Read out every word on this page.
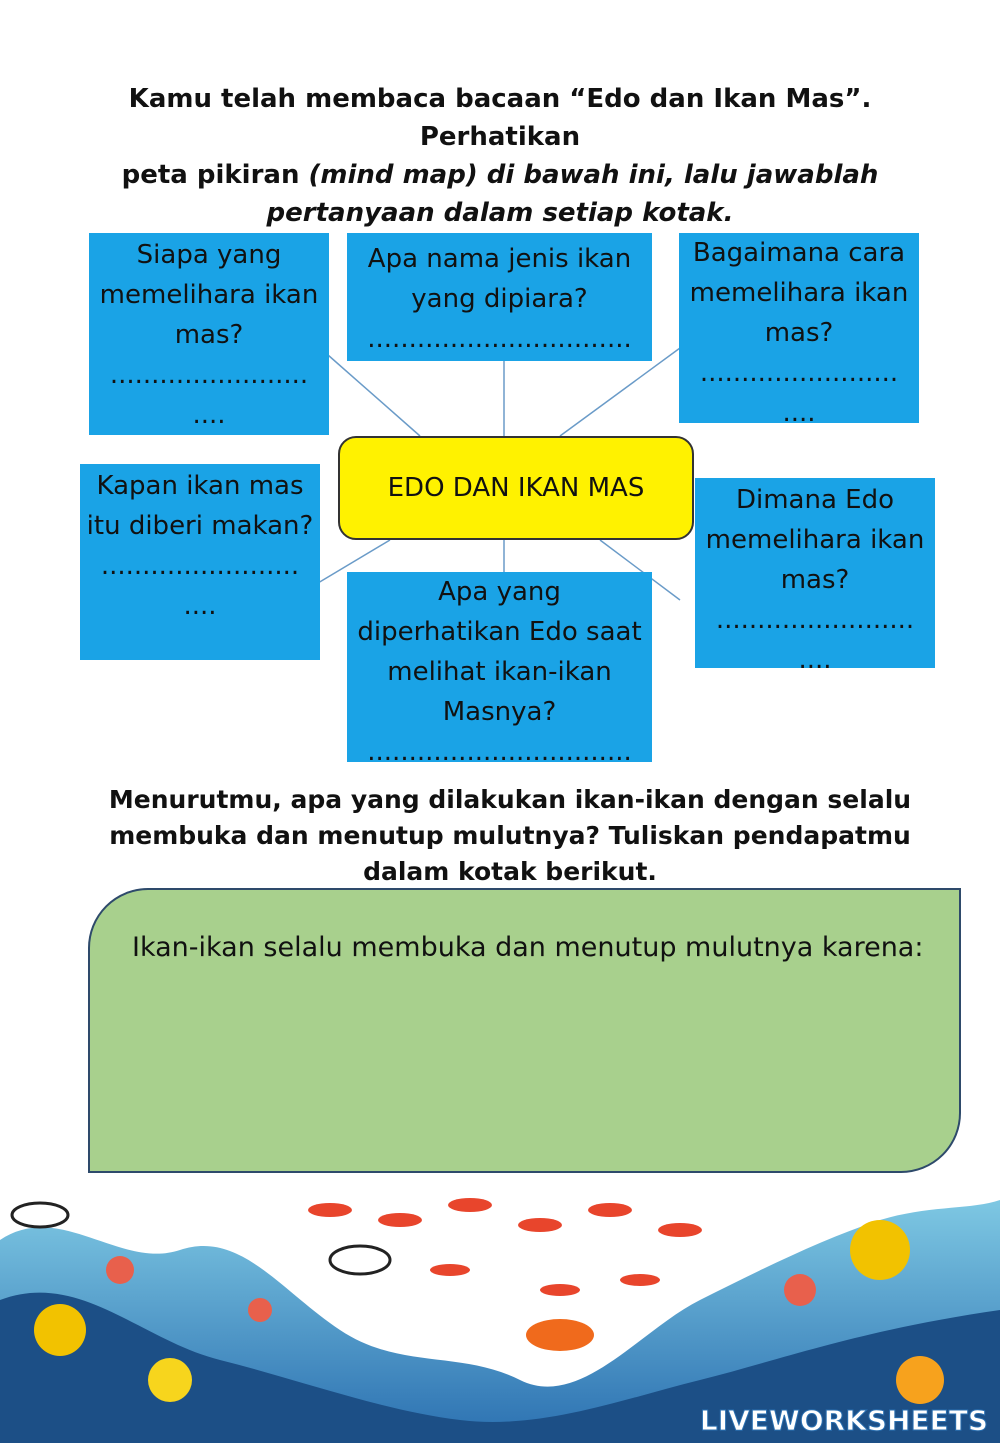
Kamu telah membaca bacaan “Edo dan Ikan Mas”. Perhatikan
peta pikiran (mind map) di bawah ini, lalu jawablah
pertanyaan dalam setiap kotak.
Siapa yang memelihara ikan mas?
........................
....
Apa nama jenis ikan yang dipiara?
................................
Bagaimana cara memelihara ikan mas?
........................
....
Kapan ikan mas itu diberi makan?
........................
....	Apa yang diperhatikan Edo saat melihat ikan-ikan Masnya?
................................
Dimana Edo memelihara ikan mas?
........................
....
EDO DAN IKAN MAS
Menurutmu, apa yang dilakukan ikan-ikan dengan selalu
membuka dan menutup mulutnya? Tuliskan pendapatmu
dalam kotak berikut.
Ikan-ikan selalu membuka dan menutup mulutnya karena:
LIVEWORKSHEETS
